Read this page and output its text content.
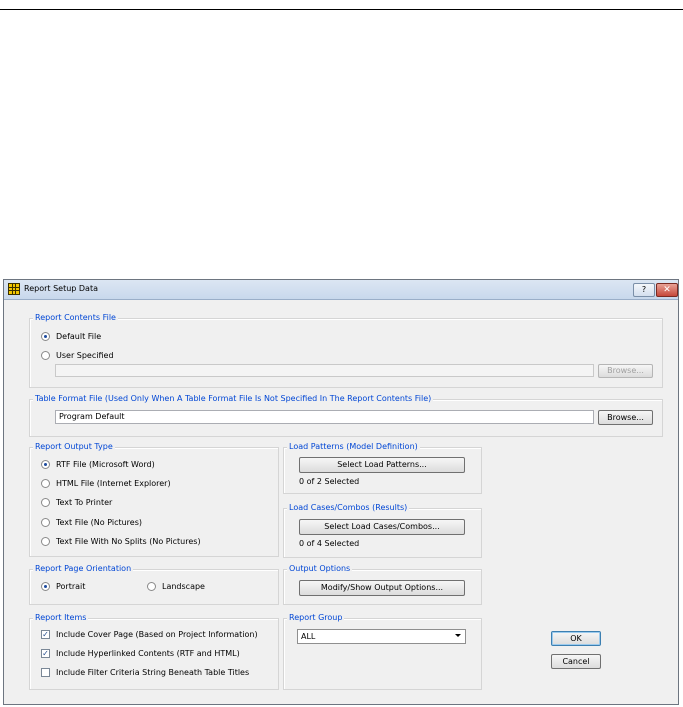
Report Setup Data	?	✕
Report Contents File
Default File
User Specified
Browse...
Table Format File (Used Only When A Table Format File Is Not Specified In The Report Contents File)
Program Default	Browse...
Report Output Type
RTF File (Microsoft Word)
HTML File (Internet Explorer)
Text To Printer
Text File (No Pictures)
Text File With No Splits (No Pictures)
Report Page Orientation
Portrait	Landscape
Report Items
✓ Include Cover Page (Based on Project Information)
✓ Include Hyperlinked Contents (RTF and HTML)
Include Filter Criteria String Beneath Table Titles
Load Patterns (Model Definition)
Select Load Patterns...
0 of 2 Selected
Load Cases/Combos (Results)
Select Load Cases/Combos...
0 of 4 Selected
Output Options
Modify/Show Output Options...
Report Group
ALL	OK
Cancel
